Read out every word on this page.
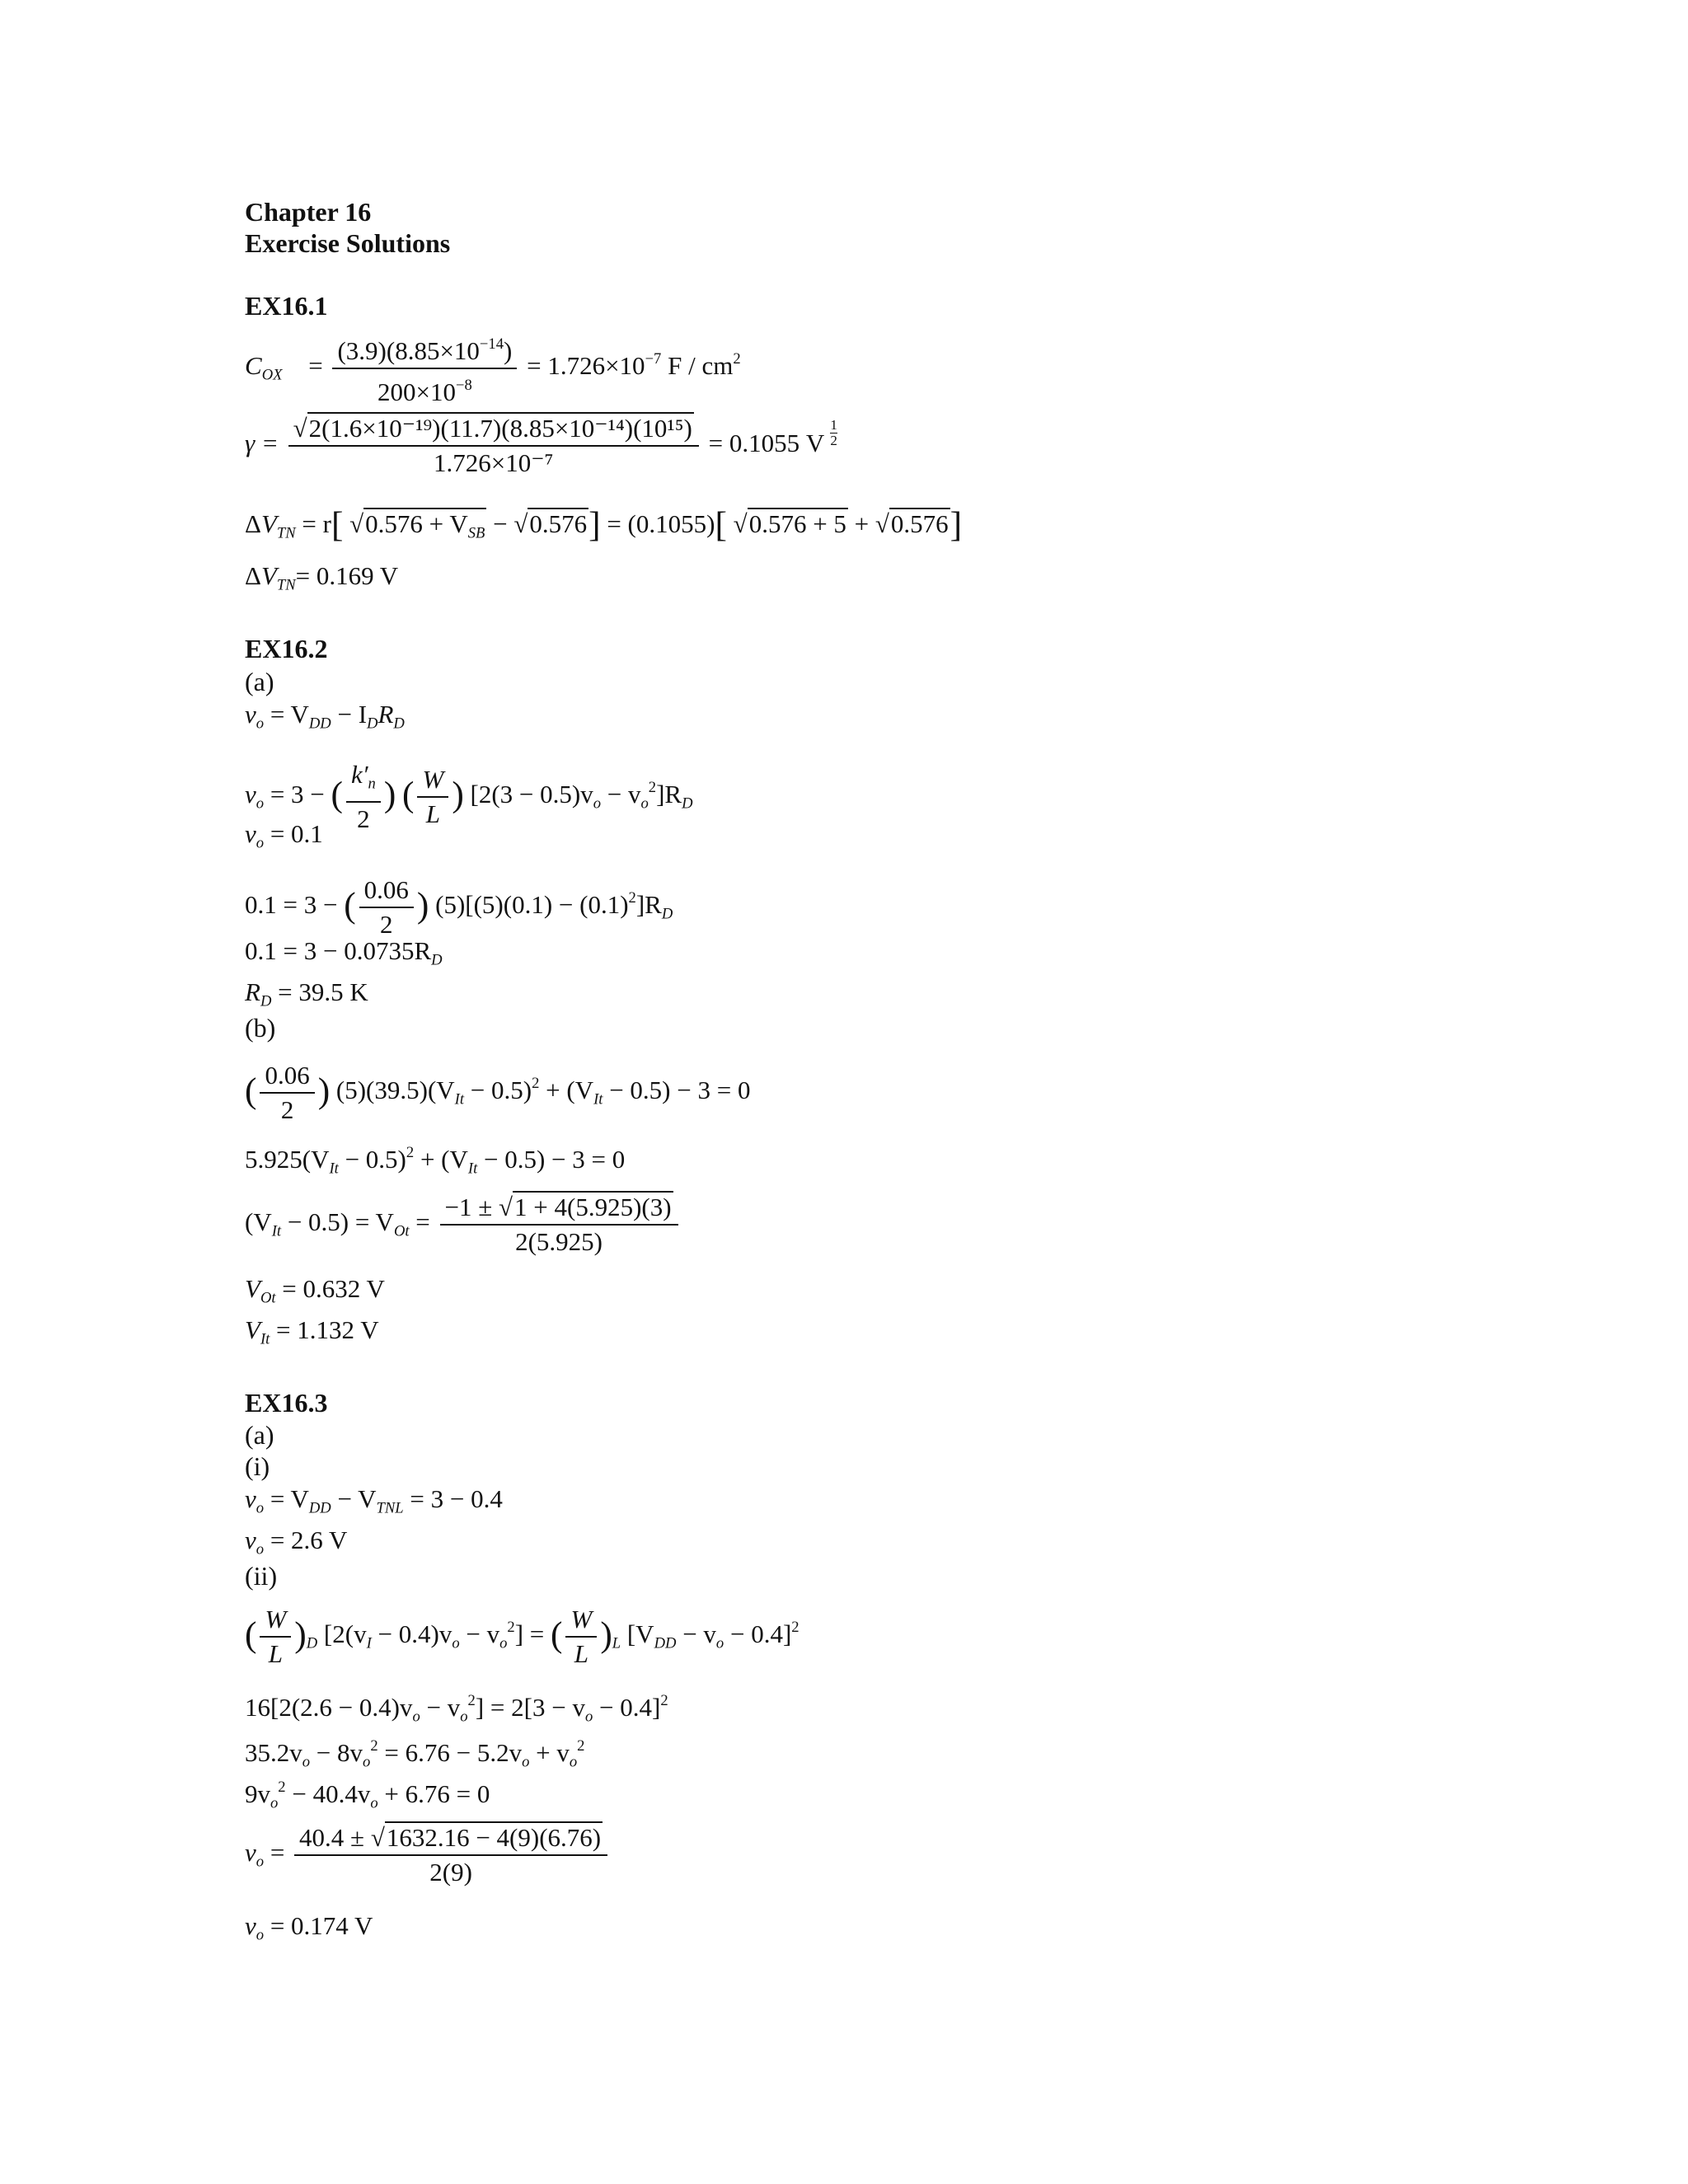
Chapter 16
Exercise Solutions
EX16.1
$C_{OX} = \frac{(3.9)(8.85\times 10^{-14})}{200\times 10^{-8}} = 1.726\times 10^{-7}$ F / $cm^2$
$\gamma = \frac{\text{√2(1.6×10⁻¹⁹)(11.7)(8.85×10⁻¹⁴)(10¹⁵)}}{\text{1.726×10⁻⁷}} = 0.1055$ V $\frac{1}{2}$
$\Delta V_{TN} = r$[ $√0.576 + V_{SB} - √0.576] = (0.1055)$[ √0.576 + 5 + √0.576]
$\Delta V_{TN}= 0.169$ V
EX16.2
(a)
$v_o = V_{DD} - I_DR_D$
$v_o = 3$ − ( $\frac{k'_n}{2}$ ) ( $\frac{W}{L}$ ) $[2(3 - 0.5)v_o - v_o^2]R_D$
$v_o = 0.1$
0.1 = 3 − ( $\frac{0.06}{2}$ ) $(5)[(5)(0.1) - (0.1)^2]R_D$
$0.1 = 3 - 0.0735R_D$
$R_D = 39.5$ K
(b)
( $\frac{0.06}{2}$ ) $(5)(39.5)(V_{It} - 0.5)^2 + (V_{It} - 0.5) - 3 = 0$
$5.925(V_{It} - 0.5)^2 + (V_{It} - 0.5) - 3 = 0$
$(V_{It} - 0.5) = V_{Ot} = \frac{-1 \pm √1 + 4(5.925)(3)}{2(5.925)}$
$V_{Ot} = 0.632$ V
$V_{It} = 1.132$ V
EX16.3
(a)
(i)
$v_o = V_{DD} - V_{TNL} = 3 - 0.4$
$v_o = 2.6$ V
(ii)
( $\frac{W}{L} )_D$ $[2(v_I - 0.4)v_o - v_o^2]$ = ( $\frac{W}{L} )_L$ $[V_{DD} - v_o - 0.4]^2$
$16[2(2.6 - 0.4)v_o - v_o^2] = 2[3 - v_o - 0.4]^2$
$35.2v_o - 8v_o^2 = 6.76 - 5.2v_o + v_o^2$
$9v_o^2 - 40.4v_o + 6.76 = 0$
$v_o = \frac{40.4 \pm √1632.16 - 4(9)(6.76)}{2(9)}$
$v_o = 0.174$ V
